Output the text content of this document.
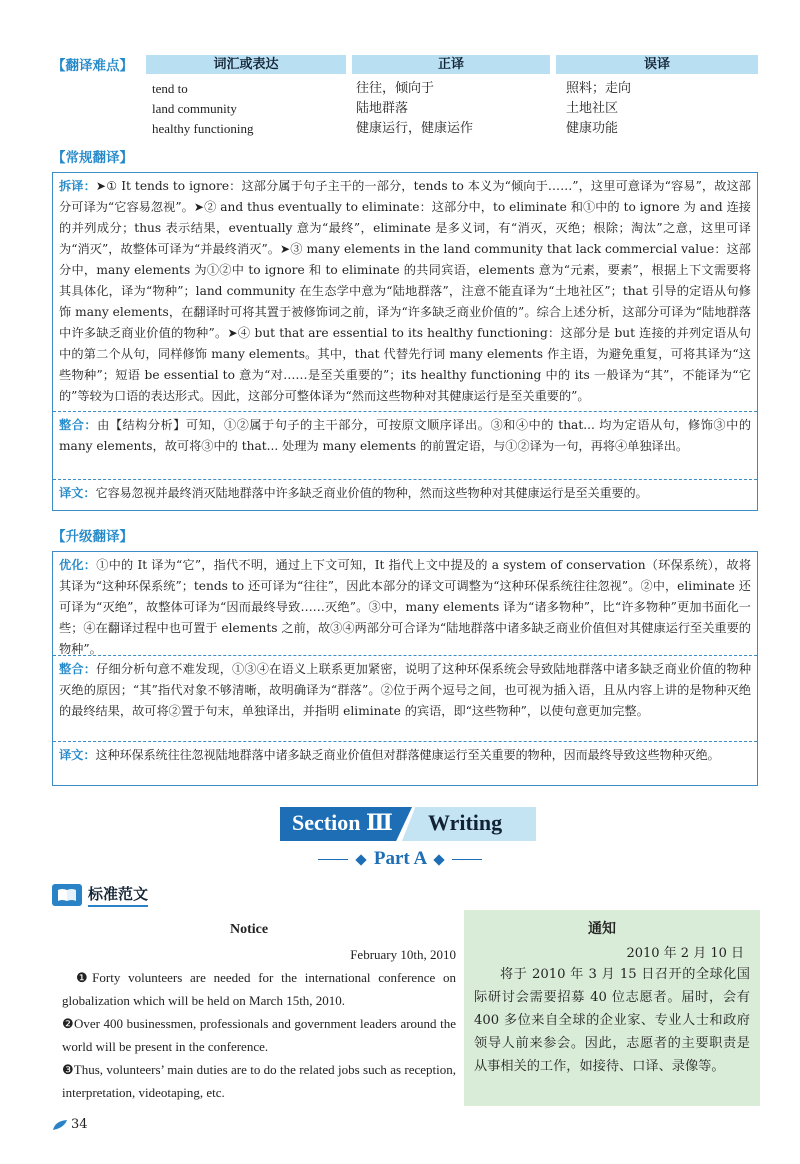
【翻译难点】	词汇或表达	正译	误译
tend to	往往，倾向于	照料；走向
land community	陆地群落	土地社区
healthy functioning	健康运行，健康运作	健康功能
【常规翻译】
拆译：➤① It tends to ignore：这部分属于句子主干的一部分，tends to 本义为“倾向于……”，这里可意译为“容易”，故这部分可译为“它容易忽视”。➤② and thus eventually to eliminate：这部分中，to eliminate 和①中的 to ignore 为 and 连接的并列成分；thus 表示结果，eventually 意为“最终”，eliminate 是多义词，有“消灭，灭绝；根除；淘汰”之意，这里可译为“消灭”，故整体可译为“并最终消灭”。➤③ many elements in the land community that lack commercial value：这部分中，many elements 为①②中 to ignore 和 to eliminate 的共同宾语，elements 意为“元素，要素”，根据上下文需要将其具体化，译为“物种”；land community 在生态学中意为“陆地群落”，注意不能直译为“土地社区”；that 引导的定语从句修饰 many elements，在翻译时可将其置于被修饰词之前，译为“许多缺乏商业价值的”。综合上述分析，这部分可译为“陆地群落中许多缺乏商业价值的物种”。➤④ but that are essential to its healthy functioning：这部分是 but 连接的并列定语从句中的第二个从句，同样修饰 many elements。其中，that 代替先行词 many elements 作主语，为避免重复，可将其译为“这些物种”；短语 be essential to 意为“对……是至关重要的”；its healthy functioning 中的 its 一般译为“其”，不能译为“它的”等较为口语的表达形式。因此，这部分可整体译为“然而这些物种对其健康运行是至关重要的”。
整合：由【结构分析】可知，①②属于句子的主干部分，可按原文顺序译出。③和④中的 that... 均为定语从句，修饰③中的 many elements，故可将③中的 that... 处理为 many elements 的前置定语，与①②译为一句，再将④单独译出。
译文：它容易忽视并最终消灭陆地群落中许多缺乏商业价值的物种，然而这些物种对其健康运行是至关重要的。
【升级翻译】
优化：①中的 It 译为“它”，指代不明，通过上下文可知，It 指代上文中提及的 a system of conservation（环保系统），故将其译为“这种环保系统”；tends to 还可译为“往往”，因此本部分的译文可调整为“这种环保系统往往忽视”。②中，eliminate 还可译为“灭绝”，故整体可译为“因而最终导致……灭绝”。③中，many elements 译为“诸多物种”，比“许多物种”更加书面化一些；④在翻译过程中也可置于 elements 之前，故③④两部分可合译为“陆地群落中诸多缺乏商业价值但对其健康运行至关重要的物种”。
整合：仔细分析句意不难发现，①③④在语义上联系更加紧密，说明了这种环保系统会导致陆地群落中诸多缺乏商业价值的物种灭绝的原因；“其”指代对象不够清晰，故明确译为“群落”。②位于两个逗号之间，也可视为插入语，且从内容上讲的是物种灭绝的最终结果，故可将②置于句末，单独译出，并指明 eliminate 的宾语，即“这些物种”，以使句意更加完整。
译文：这种环保系统往往忽视陆地群落中诸多缺乏商业价值但对群落健康运行至关重要的物种，因而最终导致这些物种灭绝。
Section Ⅲ Writing
Part A
标准范文
Notice
February 10th, 2010
❶Forty volunteers are needed for the international conference on globalization which will be held on March 15th, 2010.
❷Over 400 businessmen, professionals and government leaders around the world will be present in the conference.
❸Thus, volunteers’ main duties are to do the related jobs such as reception, interpretation, videotaping, etc.
通知
2010 年 2 月 10 日
将于 2010 年 3 月 15 日召开的全球化国际研讨会需要招募 40 位志愿者。届时，会有 400 多位来自全球的企业家、专业人士和政府领导人前来参会。因此，志愿者的主要职责是从事相关的工作，如接待、口译、录像等。
34
